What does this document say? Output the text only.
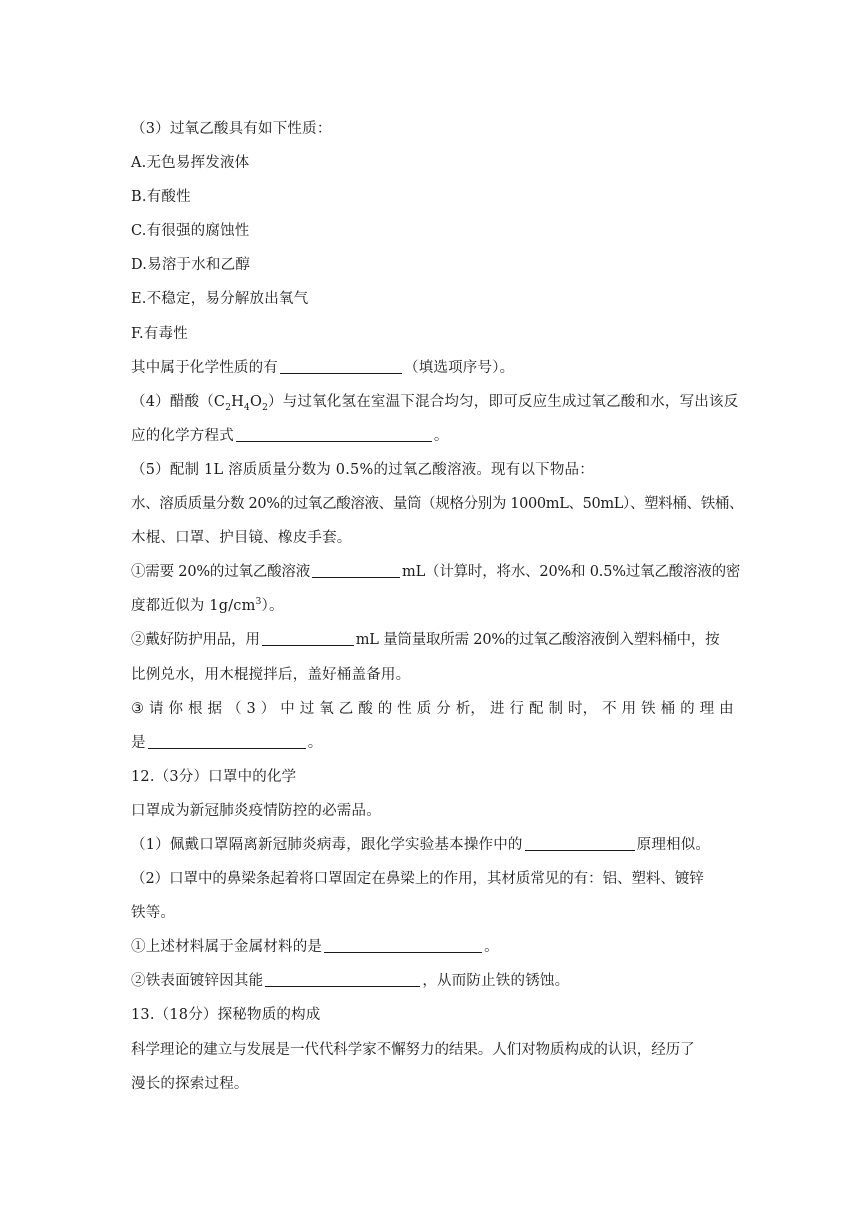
（3）过氧乙酸具有如下性质：
A.无色易挥发液体
B.有酸性
C.有很强的腐蚀性
D.易溶于水和乙醇
E.不稳定，易分解放出氧气
F.有毒性
其中属于化学性质的有	（填选项序号）。
（4）醋酸$(C_2H_4O_2)$与过氧化氢在室温下混合均匀，即可反应生成过氧乙酸和水，写出该反
应的化学方程式	。
（5）配制 1L 溶质质量分数为 0.5%的过氧乙酸溶液。现有以下物品：
水、溶质质量分数 20%的过氧乙酸溶液、量筒（规格分别为 1000mL、50mL）、塑料桶、铁桶、
木棍、口罩、护目镜、橡皮手套。
①需要 20%的过氧乙酸溶液	mL（计算时，将水、20%和 0.5%过氧乙酸溶液的密
度都近似为 $1g/cm^3$）。
②戴好防护用品，用	mL 量筒量取所需 20%的过氧乙酸溶液倒入塑料桶中，按
比例兑水，用木棍搅拌后，盖好桶盖备用。
③ 请 你 根 据 （ 3 ） 中 过 氧 乙 酸 的 性 质 分 析， 进 行 配 制 时， 不 用 铁 桶 的 理 由
是	。
12.（3分）口罩中的化学
口罩成为新冠肺炎疫情防控的必需品。
（1）佩戴口罩隔离新冠肺炎病毒，跟化学实验基本操作中的	原理相似。
（2）口罩中的鼻梁条起着将口罩固定在鼻梁上的作用，其材质常见的有：铝、塑料、镀锌
铁等。
①上述材料属于金属材料的是	。
②铁表面镀锌因其能	，从而防止铁的锈蚀。
13.（18分）探秘物质的构成
科学理论的建立与发展是一代代科学家不懈努力的结果。人们对物质构成的认识，经历了
漫长的探索过程。
